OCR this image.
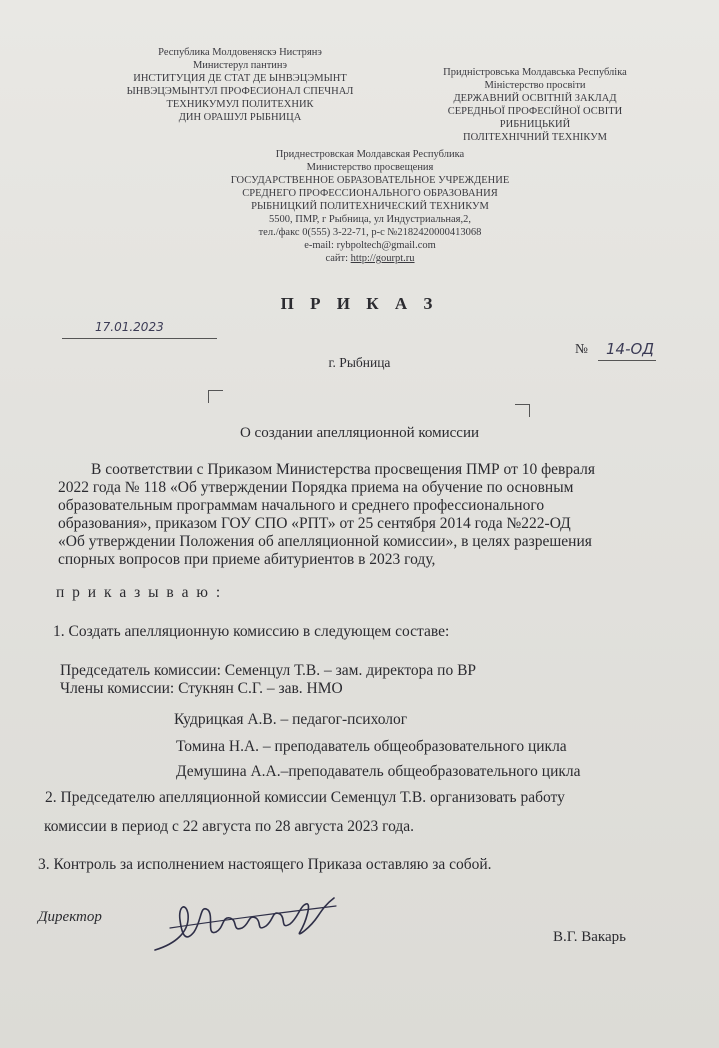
Республика Молдовеняскэ Нистрянэ
Министерул пантинэ
ИНСТИТУЦИЯ ДЕ СТАТ ДЕ ЫНВЭЦЭМЫНТ
ЫНВЭЦЭМЫНТУЛ ПРОФЕСИОНАЛ СПЕЧНАЛ
ТЕХНИКУМУЛ ПОЛИТЕХНИК
ДИН ОРАШУЛ РЫБНИЦА
Придністровська Молдавська Республіка
Міністерство просвіти
ДЕРЖАВНИЙ ОСВІТНІЙ ЗАКЛАД
СЕРЕДНЬОЇ ПРОФЕСІЙНОЇ ОСВІТИ
РИБНИЦЬКИЙ
ПОЛІТЕХНІЧНИЙ ТЕХНІКУМ
Приднестровская Молдавская Республика
Министерство просвещения
ГОСУДАРСТВЕННОЕ ОБРАЗОВАТЕЛЬНОЕ УЧРЕЖДЕНИЕ
СРЕДНЕГО ПРОФЕССИОНАЛЬНОГО ОБРАЗОВАНИЯ
РЫБНИЦКИЙ ПОЛИТЕХНИЧЕСКИЙ ТЕХНИКУМ
5500, ПМР, г Рыбница, ул Индустриальная,2,
тел./факс 0(555) 3-22-71, р-с №2182420000413068
e-mail: rybpoltech@gmail.com
сайт: http://gourpt.ru
П Р И К А З
17.01.2023
г. Рыбница
№ 14-ОД
О создании апелляционной комиссии
В соответствии с Приказом Министерства просвещения ПМР от 10 февраля
2022 года № 118 «Об утверждении Порядка приема на обучение по основным
образовательным программам начального и среднего профессионального
образования», приказом ГОУ СПО «РПТ» от 25 сентября 2014 года №222-ОД
«Об утверждении Положения об апелляционной комиссии», в целях разрешения
спорных вопросов при приеме абитуриентов в 2023 году,
п р и к а з ы в а ю :
1. Создать апелляционную комиссию в следующем составе:
Председатель комиссии: Семенцул Т.В. – зам. директора по ВР
Члены комиссии: Стукнян С.Г. – зав. НМО
Кудрицкая А.В. – педагог-психолог
Томина Н.А. – преподаватель общеобразовательного цикла
Демушина А.А.–преподаватель общеобразовательного цикла
2. Председателю апелляционной комиссии Семенцул Т.В. организовать работу
комиссии в период с 22 августа по 28 августа 2023 года.
3. Контроль за исполнением настоящего Приказа оставляю за собой.
Директор
В.Г. Вакарь
